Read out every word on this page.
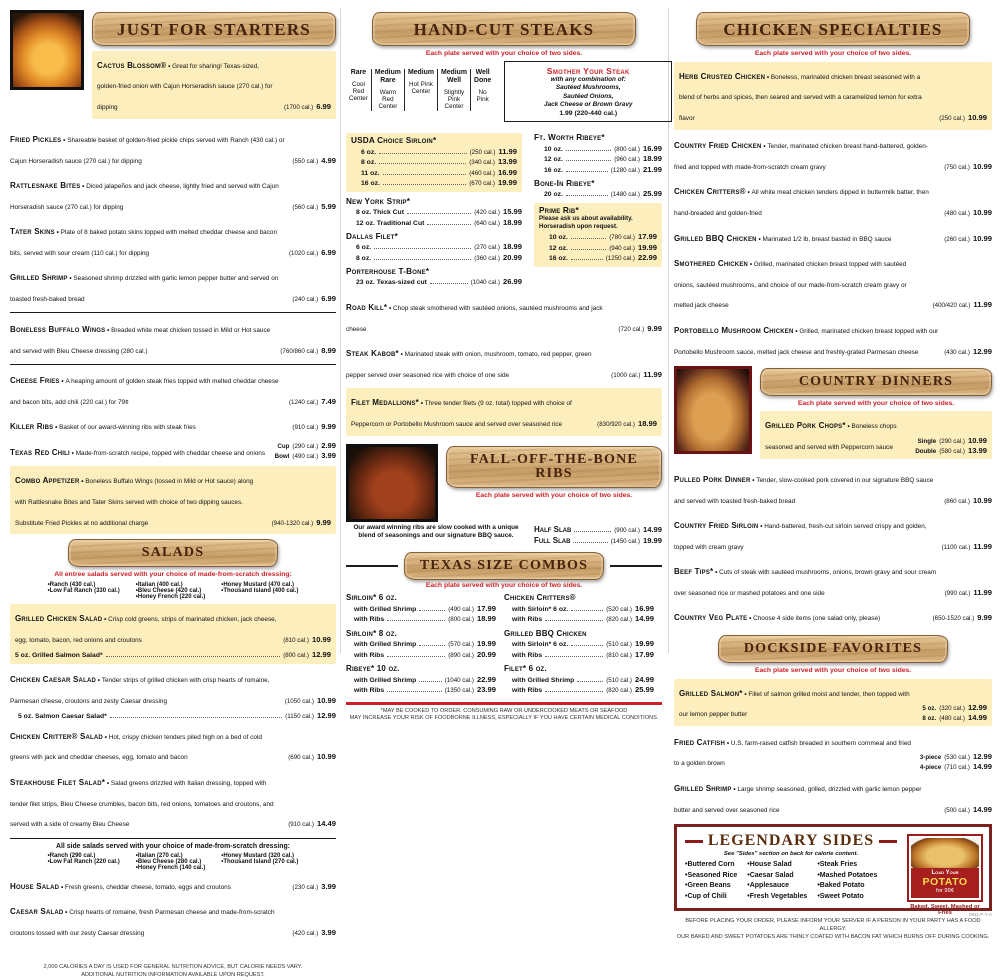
JUST FOR STARTERS
Cactus Blossom® • Great for sharing! Texas-sized, golden-fried onion with Cajun Horseradish sauce (270 cal.) for dipping	(1700 cal.) 6.99
Fried Pickles • Shareable basket of golden-fried pickle chips served with Ranch (430 cal.) or Cajun Horseradish sauce (270 cal.) for dipping	(550 cal.) 4.99
Rattlesnake Bites • Diced jalapeños and jack cheese, lightly fried and served with Cajun Horseradish sauce (270 cal.) for dipping	(560 cal.) 5.99
Tater Skins • Plate of 8 baked potato skins topped with melted cheddar cheese and bacon bits, served with sour cream (110 cal.) for dipping	(1020 cal.) 6.99
Grilled Shrimp • Seasoned shrimp drizzled with garlic lemon pepper butter and served on toasted fresh-baked bread	(240 cal.) 6.99
Boneless Buffalo Wings • Breaded white meat chicken tossed in Mild or Hot sauce and served with Bleu Cheese dressing (280 cal.)	(760/860 cal.) 8.99
Cheese Fries • A heaping amount of golden steak fries topped with melted cheddar cheese and bacon bits, add chili (220 cal.) for 79¢	(1240 cal.) 7.49
Killer Ribs • Basket of our award-winning ribs with steak fries	(910 cal.) 9.99
Texas Red Chili • Made-from-scratch recipe, topped with cheddar cheese and onions
Cup (290 cal.) 2.99
Bowl (490 cal.) 3.99
Combo Appetizer • Boneless Buffalo Wings (tossed in Mild or Hot sauce) along with Rattlesnake Bites and Tater Skins served with choice of two dipping sauces. Substitute Fried Pickles at no additional charge	(940-1320 cal.) 9.99
SALADS
All entree salads served with your choice of made-from-scratch dressing:
• Ranch (430 cal.)
• Low Fat Ranch (330 cal.)
• Italian (400 cal.)
• Bleu Cheese (420 cal.)
• Honey French (220 cal.)
• Honey Mustard (470 cal.)
• Thousand Island (400 cal.)
Grilled Chicken Salad • Crisp cold greens, strips of marinated chicken, jack cheese, egg, tomato, bacon, red onions and croutons	(810 cal.) 10.99
5 oz. Grilled Salmon Salad*	(800 cal.) 12.99
Chicken Caesar Salad • Tender strips of grilled chicken with crisp hearts of romaine, Parmesan cheese, croutons and zesty Caesar dressing	(1050 cal.) 10.99
5 oz. Salmon Caesar Salad*	(1150 cal.) 12.99
Chicken Critter® Salad • Hot, crispy chicken tenders piled high on a bed of cold greens with jack and cheddar cheeses, egg, tomato and bacon	(690 cal.) 10.99
Steakhouse Filet Salad* • Salad greens drizzled with Italian dressing, topped with tender filet strips, Bleu Cheese crumbles, bacon bits, red onions, tomatoes and croutons, and served with a side of creamy Bleu Cheese	(910 cal.) 14.49
All side salads served with your choice of made-from-scratch dressing:
• Ranch (290 cal.)
• Low Fat Ranch (220 cal.)
• Italian (270 cal.)
• Bleu Cheese (280 cal.)
• Honey French (140 cal.)
• Honey Mustard (320 cal.)
• Thousand Island (270 cal.)
House Salad • Fresh greens, cheddar cheese, tomato, eggs and croutons	(230 cal.) 3.99
Caesar Salad • Crisp hearts of romaine, fresh Parmesan cheese and made-from-scratch croutons tossed with our zesty Caesar dressing	(420 cal.) 3.99
2,000 CALORIES A DAY IS USED FOR GENERAL NUTRITION ADVICE, BUT CALORIE NEEDS VARY.
ADDITIONAL NUTRITION INFORMATION AVAILABLE UPON REQUEST.
HAND-CUT STEAKS
Each plate served with your choice of two sides.
Rare
Cool Red Center
Medium Rare
Warm Red Center
Medium
Hot Pink Center
Medium Well
Slightly Pink Center
Well Done
No Pink
Smother Your Steak
with any combination of:
Sautéed Mushrooms,
Sautéed Onions,
Jack Cheese or Brown Gravy
1.99 (220-440 cal.)
USDA Choice Sirloin*
6 oz.	(250 cal.) 11.99
8 oz.	(340 cal.) 13.99
11 oz.	(460 cal.) 16.99
16 oz.	(670 cal.) 19.99
New York Strip*
8 oz. Thick Cut	(420 cal.) 15.99
12 oz. Traditional Cut	(640 cal.) 18.99
Dallas Filet*
6 oz.	(270 cal.) 18.99
8 oz.	(360 cal.) 20.99
Porterhouse T-Bone*
23 oz. Texas-sized cut	(1040 cal.) 26.99
Ft. Worth Ribeye*
10 oz.	(800 cal.) 16.99
12 oz.	(960 cal.) 18.99
16 oz.	(1280 cal.) 21.99
Bone-In Ribeye*
20 oz.	(1480 cal.) 25.99
Prime Rib*
Please ask us about availability.
Horseradish upon request.
10 oz.	(780 cal.) 17.99
12 oz.	(940 cal.) 19.99
16 oz.	(1250 cal.) 22.99
Road Kill* • Chop steak smothered with sautéed onions, sautéed mushrooms and jack cheese	(720 cal.) 9.99
Steak Kabob* • Marinated steak with onion, mushroom, tomato, red pepper, green pepper served over seasoned rice with choice of one side	(1000 cal.) 11.99
Filet Medallions* • Three tender filets (9 oz. total) topped with choice of Peppercorn or Portobello Mushroom sauce and served over seasoned rice	(830/920 cal.) 18.99
FALL-OFF-THE-BONE RIBS
Each plate served with your choice of two sides.
Our award winning ribs are slow cooked with a unique blend of seasonings and our signature BBQ sauce.
Half Slab	(900 cal.) 14.99
Full Slab	(1450 cal.) 19.99
TEXAS SIZE COMBOS
Each plate served with your choice of two sides.
Sirloin* 6 oz.
with Grilled Shrimp	(490 cal.) 17.99
with Ribs	(800 cal.) 18.99
Chicken Critters®
with Sirloin* 6 oz.	(520 cal.) 16.99
with Ribs	(820 cal.) 14.99
Sirloin* 8 oz.
with Grilled Shrimp	(570 cal.) 19.99
with Ribs	(890 cal.) 20.99
Grilled BBQ Chicken
with Sirloin* 6 oz.	(510 cal.) 19.99
with Ribs	(810 cal.) 17.99
Ribeye* 10 oz.
with Grilled Shrimp	(1040 cal.) 22.99
with Ribs	(1350 cal.) 23.99
Filet* 6 oz.
with Grilled Shrimp	(510 cal.) 24.99
with Ribs	(820 cal.) 25.99
*MAY BE COOKED TO ORDER. CONSUMING RAW OR UNDERCOOKED MEATS OR SEAFOOD
MAY INCREASE YOUR RISK OF FOODBORNE ILLNESS, ESPECIALLY IF YOU HAVE CERTAIN MEDICAL CONDITIONS.
CHICKEN SPECIALTIES
Each plate served with your choice of two sides.
Herb Crusted Chicken • Boneless, marinated chicken breast seasoned with a blend of herbs and spices, then seared and served with a caramelized lemon for extra flavor	(250 cal.) 10.99
Country Fried Chicken • Tender, marinated chicken breast hand-battered, golden-fried and topped with made-from-scratch cream gravy	(750 cal.) 10.99
Chicken Critters® • All white meat chicken tenders dipped in buttermilk batter, then hand-breaded and golden-fried	(480 cal.) 10.99
Grilled BBQ Chicken • Marinated 1/2 lb. breast basted in BBQ sauce	(260 cal.) 10.99
Smothered Chicken • Grilled, marinated chicken breast topped with sautéed onions, sautéed mushrooms, and choice of our made-from-scratch cream gravy or melted jack cheese	(400/420 cal.) 11.99
Portobello Mushroom Chicken • Grilled, marinated chicken breast topped with our Portobello Mushroom sauce, melted jack cheese and freshly-grated Parmesan cheese	(430 cal.) 12.99
COUNTRY DINNERS
Each plate served with your choice of two sides.
Grilled Pork Chops* • Boneless chops seasoned and served with Peppercorn sauce
Single (290 cal.) 10.99
Double (580 cal.) 13.99
Pulled Pork Dinner • Tender, slow-cooked pork covered in our signature BBQ sauce and served with toasted fresh-baked bread	(860 cal.) 10.99
Country Fried Sirloin • Hand-battered, fresh-cut sirloin served crispy and golden, topped with cream gravy	(1100 cal.) 11.99
Beef Tips* • Cuts of steak with sautéed mushrooms, onions, brown gravy and sour cream over seasoned rice or mashed potatoes and one side	(990 cal.) 11.99
Country Veg Plate • Choose 4 side items (one salad only, please)	(650-1520 cal.) 9.99
DOCKSIDE FAVORITES
Each plate served with your choice of two sides.
Grilled Salmon* • Fillet of salmon grilled moist and tender, then topped with our lemon pepper butter
5 oz. (320 cal.) 12.99
8 oz. (480 cal.) 14.99
Fried Catfish • U.S. farm-raised catfish breaded in southern cornmeal and fried to a golden brown
3-piece (530 cal.) 12.99
4-piece (710 cal.) 14.99
Grilled Shrimp • Large shrimp seasoned, grilled, drizzled with garlic lemon pepper butter and served over seasoned rice	(500 cal.) 14.99
LEGENDARY SIDES
See "Sides" section on back for calorie content.
• Buttered Corn
• Seasoned Rice
• Green Beans
• Cup of Chili
• House Salad
• Caesar Salad
• Applesauce
• Fresh Vegetables
• Steak Fries
• Mashed Potatoes
• Baked Potato
• Sweet Potato
Load Your
POTATO
for 99¢
Baked, Sweet, Mashed or Fries	0911-F-Y-A
BEFORE PLACING YOUR ORDER, PLEASE INFORM YOUR SERVER IF A PERSON IN YOUR PARTY HAS A FOOD ALLERGY.
OUR BAKED AND SWEET POTATOES ARE THINLY COATED WITH BACON FAT WHICH BURNS OFF DURING COOKING.
